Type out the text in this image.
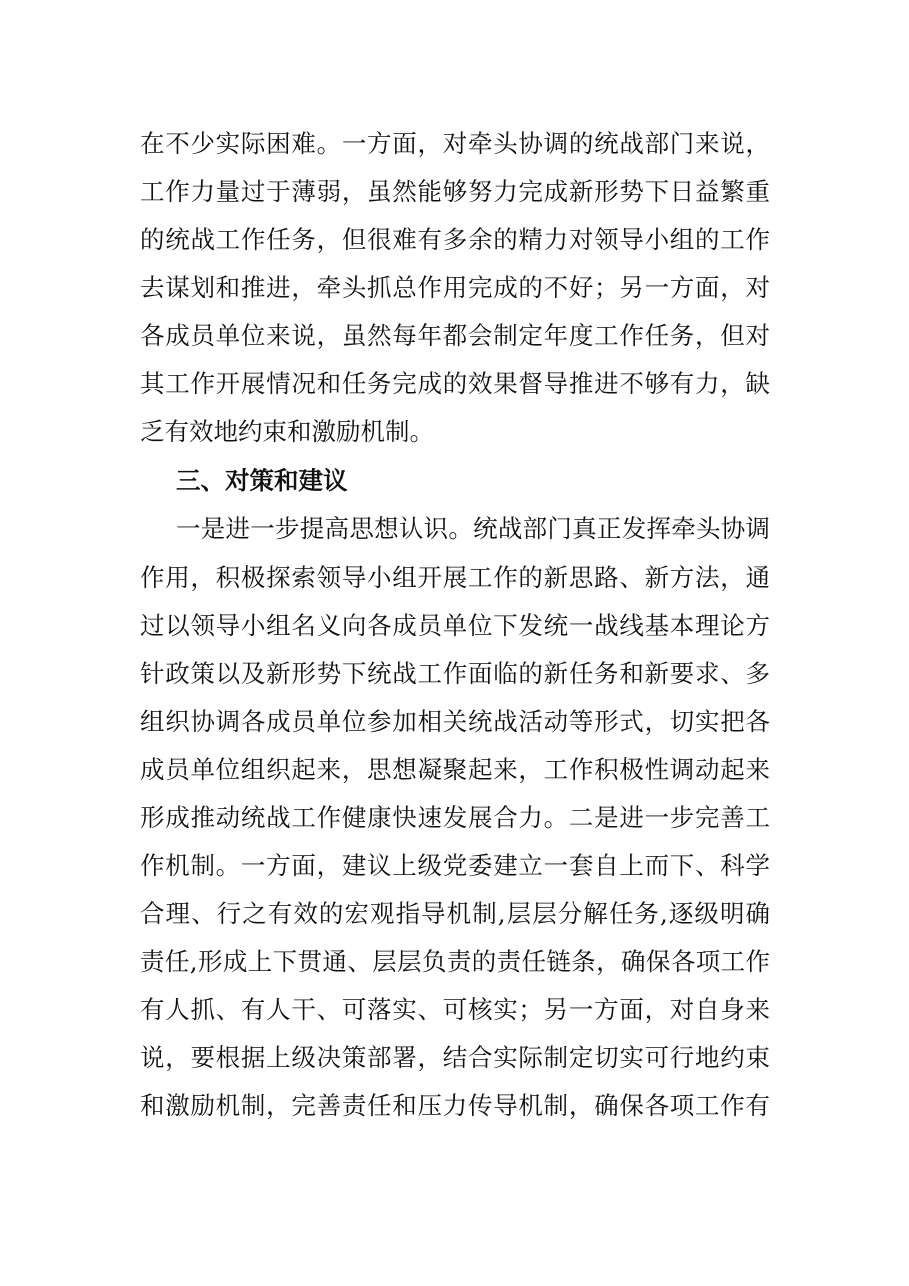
在不少实际困难。一方面，对牵头协调的统战部门来说，
工作力量过于薄弱，虽然能够努力完成新形势下日益繁重
的统战工作任务，但很难有多余的精力对领导小组的工作
去谋划和推进，牵头抓总作用完成的不好；另一方面，对
各成员单位来说，虽然每年都会制定年度工作任务，但对
其工作开展情况和任务完成的效果督导推进不够有力，缺
乏有效地约束和激励机制。
三、对策和建议
一是进一步提高思想认识。统战部门真正发挥牵头协调
作用，积极探索领导小组开展工作的新思路、新方法，通
过以领导小组名义向各成员单位下发统一战线基本理论方
针政策以及新形势下统战工作面临的新任务和新要求、多
组织协调各成员单位参加相关统战活动等形式，切实把各
成员单位组织起来，思想凝聚起来，工作积极性调动起来
形成推动统战工作健康快速发展合力。二是进一步完善工
作机制。一方面，建议上级党委建立一套自上而下、科学
合理、行之有效的宏观指导机制,层层分解任务,逐级明确
责任,形成上下贯通、层层负责的责任链条，确保各项工作
有人抓、有人干、可落实、可核实；另一方面，对自身来
说，要根据上级决策部署，结合实际制定切实可行地约束
和激励机制，完善责任和压力传导机制，确保各项工作有
